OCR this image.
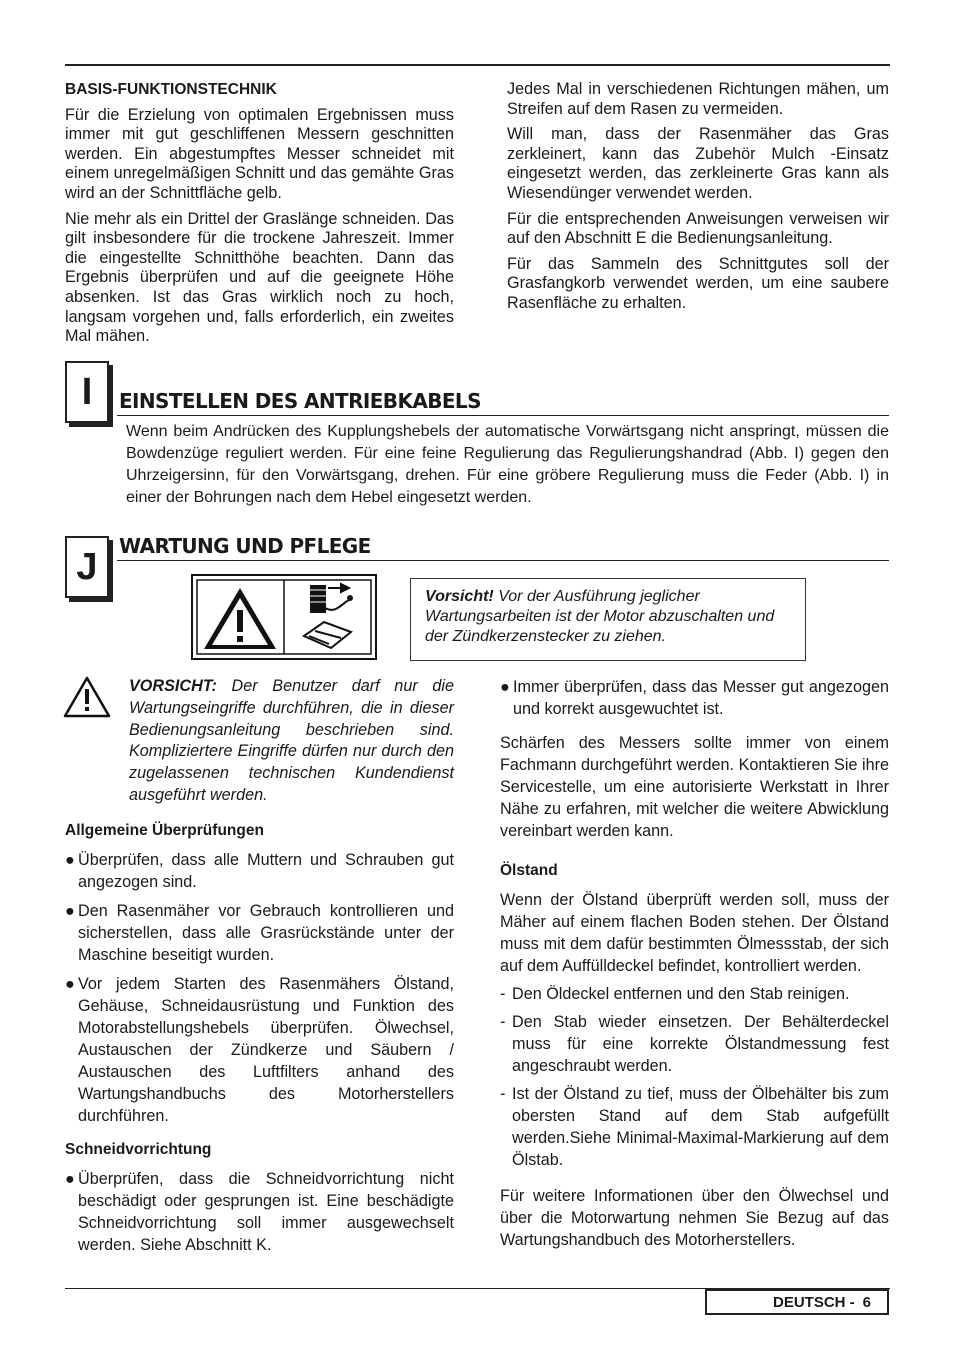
BASIS-FUNKTIONSTECHNIK

Für die Erzielung von optimalen Ergebnissen muss immer mit gut geschliffenen Messern geschnitten werden. Ein abgestumpftes Messer schneidet mit einem unregelmäßigen Schnitt und das gemähte Gras wird an der Schnittfläche gelb.

Nie mehr als ein Drittel der Graslänge schneiden. Das gilt insbesondere für die trockene Jahreszeit. Immer die eingestellte Schnitthöhe beachten. Dann das Ergebnis überprüfen und auf die geeignete Höhe absenken. Ist das Gras wirklich noch zu hoch, langsam vorgehen und, falls erforderlich, ein zweites Mal mähen.

Jedes Mal in verschiedenen Richtungen mähen, um Streifen auf dem Rasen zu vermeiden.

Will man, dass der Rasenmäher das Gras zerkleinert, kann das Zubehör Mulch -Einsatz eingesetzt werden, das zerkleinerte Gras kann als Wiesendünger verwendet werden.

Für die entsprechenden Anweisungen verweisen wir auf den Abschnitt E die Bedienungsanleitung.

Für das Sammeln des Schnittgutes soll der Grasfangkorb verwendet werden, um eine saubere Rasenfläche zu erhalten.

I EINSTELLEN DES ANTRIEBKABELS
Wenn beim Andrücken des Kupplungshebels der automatische Vorwärtsgang nicht anspringt, müssen die Bowdenzüge reguliert werden. Für eine feine Regulierung das Regulierungshandrad (Abb. I) gegen den Uhrzeigersinn, für den Vorwärtsgang, drehen. Für eine gröbere Regulierung muss die Feder (Abb. I) in einer der Bohrungen nach dem Hebel eingesetzt werden.
J WARTUNG UND PFLEGE
Vorsicht! Vor der Ausführung jeglicher Wartungsarbeiten ist der Motor abzuschalten und der Zündkerzenstecker zu ziehen.
VORSICHT: Der Benutzer darf nur die Wartungseingriffe durchführen, die in dieser Bedienungsanleitung beschrieben sind. Kompliziertere Eingriffe dürfen nur durch den zugelassenen technischen Kundendienst ausgeführt werden.
Allgemeine Überprüfungen
● Überprüfen, dass alle Muttern und Schrauben gut angezogen sind.
● Den Rasenmäher vor Gebrauch kontrollieren und sicherstellen, dass alle Grasrückstände unter der Maschine beseitigt wurden.
● Vor jedem Starten des Rasenmähers Ölstand, Gehäuse, Schneidausrüstung und Funktion des Motorabstellungshebels überprüfen. Ölwechsel, Austauschen der Zündkerze und Säubern / Austauschen des Luftfilters anhand des Wartungshandbuchs des Motorherstellers durchführen.
Schneidvorrichtung
● Überprüfen, dass die Schneidvorrichtung nicht beschädigt oder gesprungen ist. Eine beschädigte Schneidvorrichtung soll immer ausgewechselt werden. Siehe Abschnitt K.
● Immer überprüfen, dass das Messer gut angezogen und korrekt ausgewuchtet ist.

Schärfen des Messers sollte immer von einem Fachmann durchgeführt werden. Kontaktieren Sie ihre Servicestelle, um eine autorisierte Werkstatt in Ihrer Nähe zu erfahren, mit welcher die weitere Abwicklung vereinbart werden kann.

Ölstand

Wenn der Ölstand überprüft werden soll, muss der Mäher auf einem flachen Boden stehen. Der Ölstand muss mit dem dafür bestimmten Ölmessstab, der sich auf dem Auffülldeckel befindet, kontrolliert werden.

- Den Öldeckel entfernen und den Stab reinigen.
- Den Stab wieder einsetzen. Der Behälterdeckel muss für eine korrekte Ölstandmessung fest angeschraubt werden.
- Ist der Ölstand zu tief, muss der Ölbehälter bis zum obersten Stand auf dem Stab aufgefüllt werden.Siehe Minimal-Maximal-Markierung auf dem Ölstab.

Für weitere Informationen über den Ölwechsel und über die Motorwartung nehmen Sie Bezug auf das Wartungshandbuch des Motorherstellers.

DEUTSCH - 6
